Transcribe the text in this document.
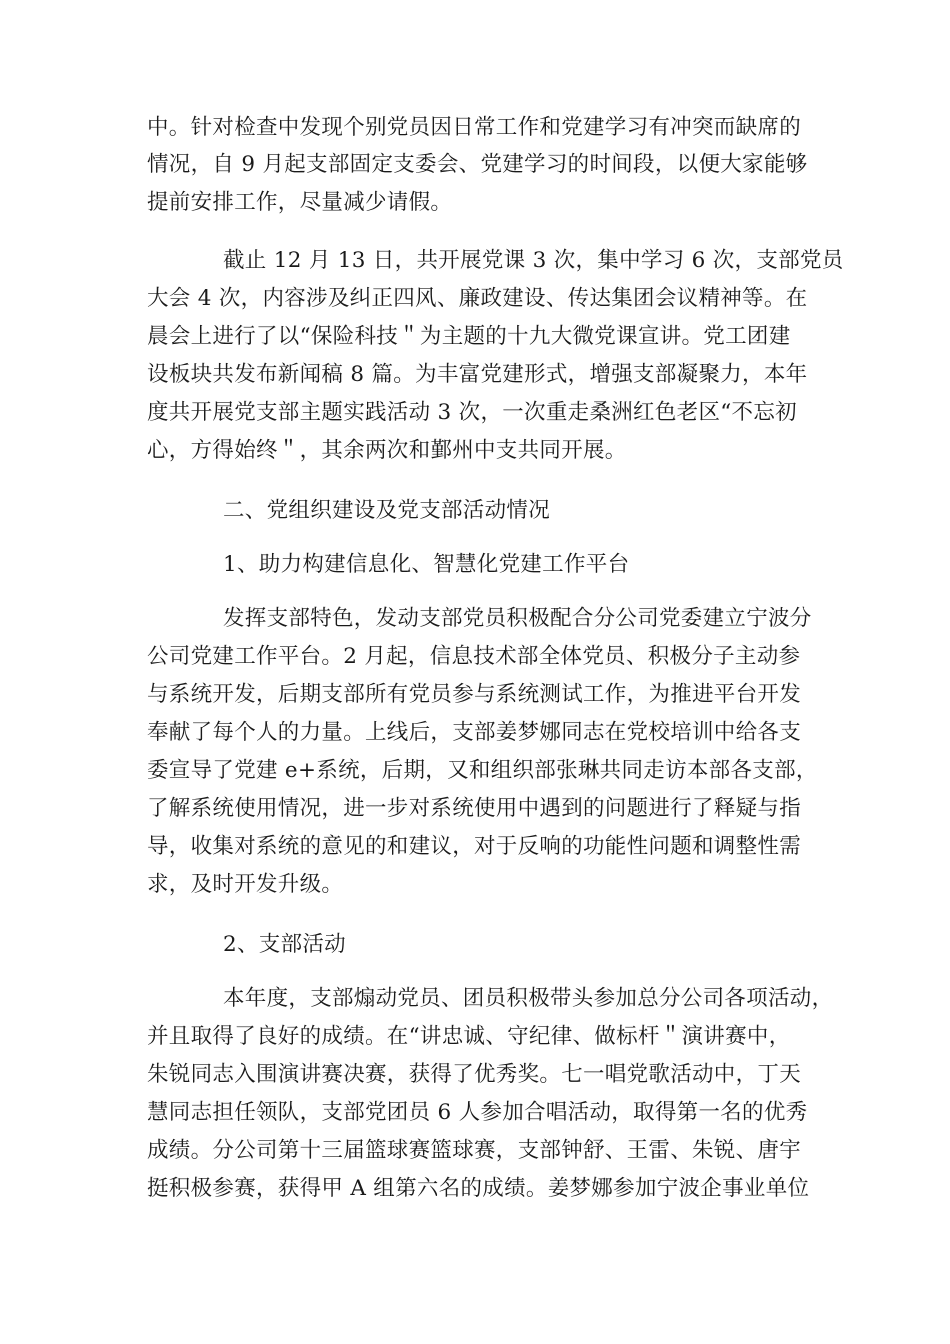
中。针对检查中发现个别党员因日常工作和党建学习有冲突而缺席的
情况，自 9 月起支部固定支委会、党建学习的时间段，以便大家能够
提前安排工作，尽量减少请假。
截止 12 月 13 日，共开展党课 3 次，集中学习 6 次，支部党员
大会 4 次，内容涉及纠正四风、廉政建设、传达集团会议精神等。在
晨会上进行了以“保险科技＂为主题的十九大微党课宣讲。党工团建
设板块共发布新闻稿 8 篇。为丰富党建形式，增强支部凝聚力，本年
度共开展党支部主题实践活动 3 次，一次重走桑洲红色老区“不忘初
心，方得始终＂，其余两次和鄞州中支共同开展。
二、党组织建设及党支部活动情况
1、助力构建信息化、智慧化党建工作平台
发挥支部特色，发动支部党员积极配合分公司党委建立宁波分
公司党建工作平台。2 月起，信息技术部全体党员、积极分子主动参
与系统开发，后期支部所有党员参与系统测试工作，为推进平台开发
奉献了每个人的力量。上线后，支部姜梦娜同志在党校培训中给各支
委宣导了党建 e+系统，后期，又和组织部张琳共同走访本部各支部，
了解系统使用情况，进一步对系统使用中遇到的问题进行了释疑与指
导，收集对系统的意见的和建议，对于反响的功能性问题和调整性需
求，及时开发升级。
2、支部活动
本年度，支部煽动党员、团员积极带头参加总分公司各项活动，
并且取得了良好的成绩。在“讲忠诚、守纪律、做标杆＂演讲赛中，
朱锐同志入围演讲赛决赛，获得了优秀奖。七一唱党歌活动中，丁天
慧同志担任领队，支部党团员 6 人参加合唱活动，取得第一名的优秀
成绩。分公司第十三届篮球赛篮球赛，支部钟舒、王雷、朱锐、唐宇
挺积极参赛，获得甲 A 组第六名的成绩。姜梦娜参加宁波企事业单位
